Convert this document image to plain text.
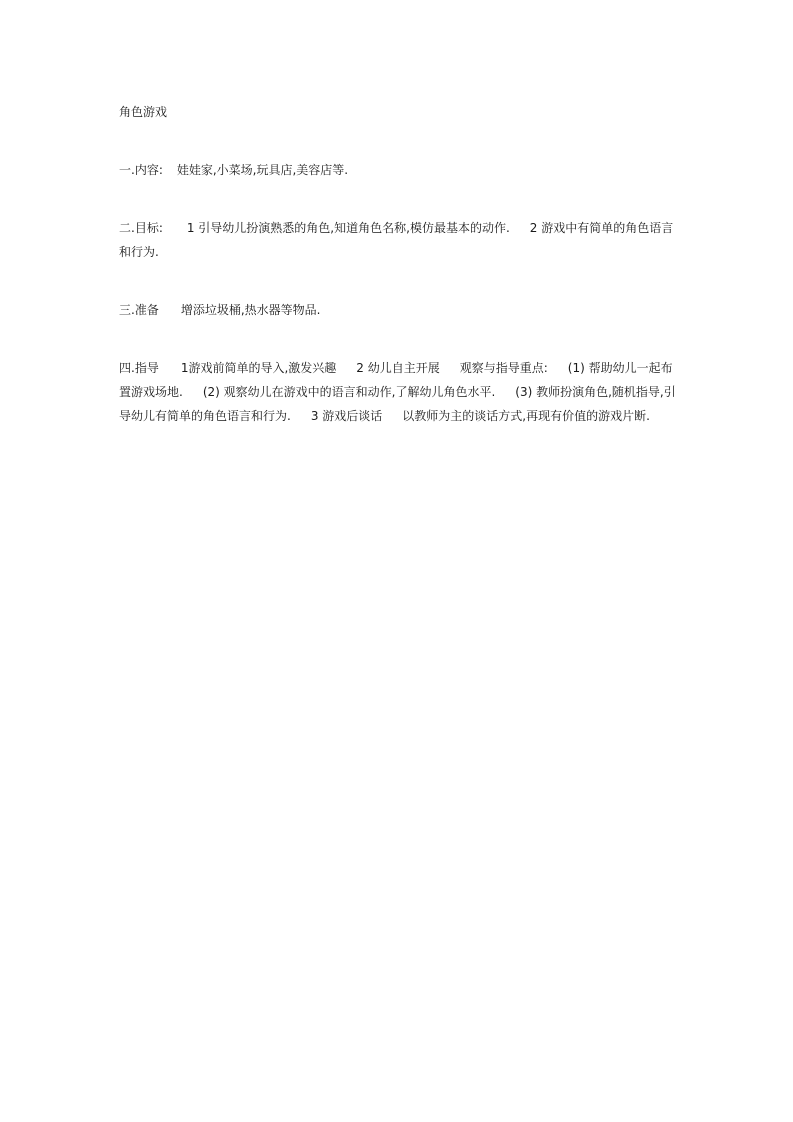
角色游戏

一.内容: 娃娃家,小菜场,玩具店,美容店等.

二.目标: 1 引导幼儿扮演熟悉的角色,知道角色名称,模仿最基本的动作. 2 游戏中有简单的角色语言和行为.

三.准备 增添垃圾桶,热水器等物品.

四.指导 1游戏前简单的导入,激发兴趣 2 幼儿自主开展 观察与指导重点: (1) 帮助幼儿一起布置游戏场地. (2) 观察幼儿在游戏中的语言和动作,了解幼儿角色水平. (3) 教师扮演角色,随机指导,引导幼儿有简单的角色语言和行为. 3 游戏后谈话 以教师为主的谈话方式,再现有价值的游戏片断.
